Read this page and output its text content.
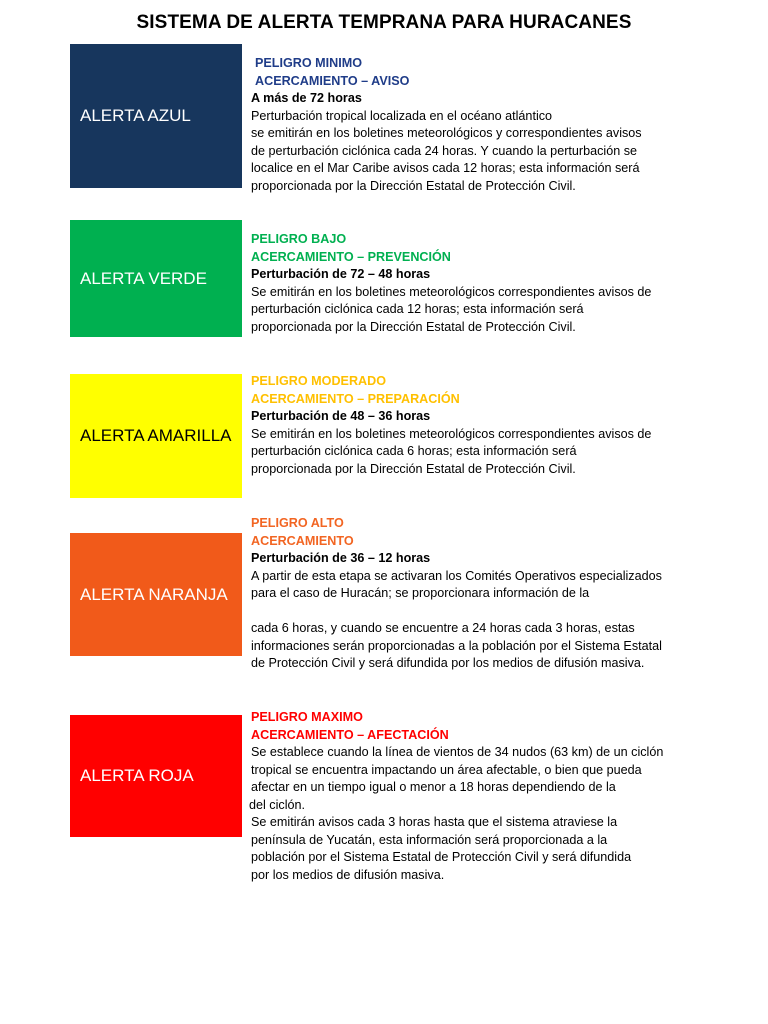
SISTEMA DE ALERTA TEMPRANA PARA HURACANES
ALERTA AZUL
PELIGRO MINIMO
ACERCAMIENTO – AVISO
A más de 72 horas
Perturbación tropical localizada en el océano atlántico
se emitirán en los boletines meteorológicos y correspondientes avisos
de perturbación ciclónica cada 24 horas. Y cuando la perturbación se
localice en el Mar Caribe avisos cada 12 horas; esta información será
proporcionada por la Dirección Estatal de Protección Civil.
ALERTA VERDE
PELIGRO BAJO
ACERCAMIENTO – PREVENCIÓN
Perturbación de 72 – 48 horas
Se emitirán en los boletines meteorológicos correspondientes avisos de
perturbación ciclónica cada 12 horas; esta información será
proporcionada por la Dirección Estatal de Protección Civil.
ALERTA AMARILLA
PELIGRO MODERADO
ACERCAMIENTO – PREPARACIÓN
Perturbación de 48 – 36 horas
Se emitirán en los boletines meteorológicos correspondientes avisos de
perturbación ciclónica cada 6 horas; esta información será
proporcionada por la Dirección Estatal de Protección Civil.
ALERTA NARANJA
PELIGRO ALTO
ACERCAMIENTO
Perturbación de 36 – 12 horas
A partir de esta etapa se activaran los Comités Operativos especializados
para el caso de Huracán; se proporcionara información de la
cada 6 horas, y cuando se encuentre a 24 horas cada 3 horas, estas
informaciones serán proporcionadas a la población por el Sistema Estatal
de Protección Civil y será difundida por los medios de difusión masiva.
ALERTA ROJA
PELIGRO MAXIMO
ACERCAMIENTO – AFECTACIÓN
Se establece cuando la línea de vientos de 34 nudos (63 km) de un ciclón
tropical se encuentra impactando un área afectable, o bien que pueda
afectar en un tiempo igual o menor a 18 horas dependiendo de la
del ciclón.
Se emitirán avisos cada 3 horas hasta que el sistema atraviese la
península de Yucatán, esta información será proporcionada a la
población por el Sistema Estatal de Protección Civil y será difundida
por los medios de difusión masiva.
